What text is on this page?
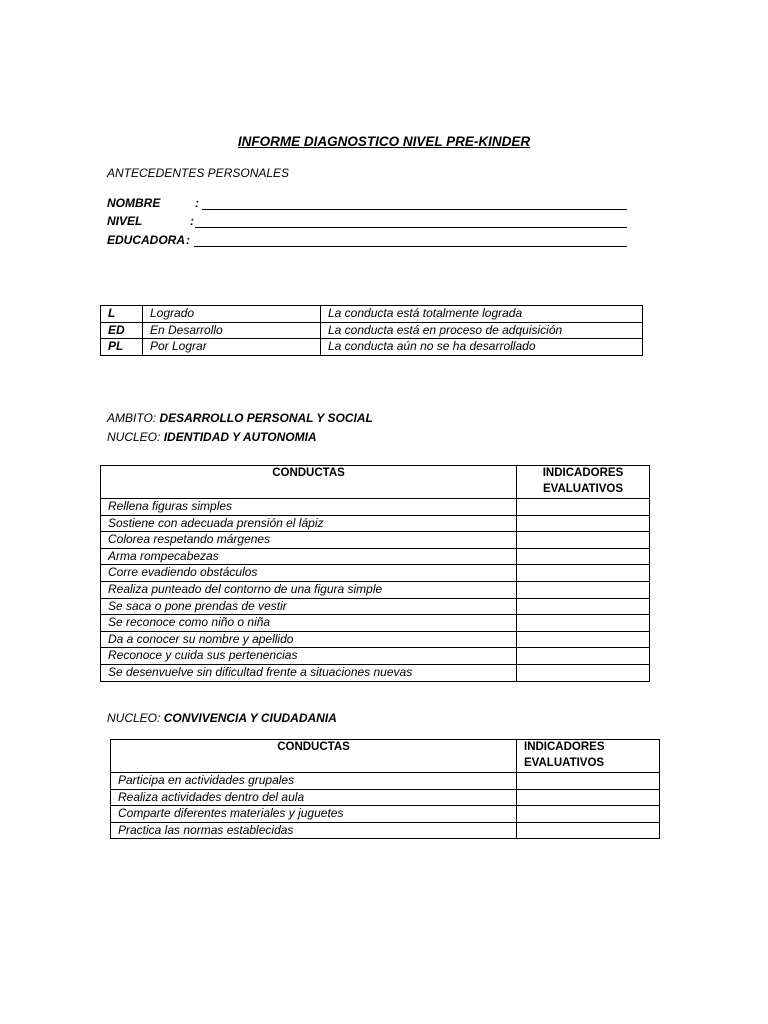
INFORME DIAGNOSTICO NIVEL PRE-KINDER
ANTECEDENTES PERSONALES
NOMBRE	:
NIVEL	:
EDUCADORA :
L	Logrado	La conducta está totalmente lograda
ED	En Desarrollo	La conducta está en proceso de adquisición
PL	Por Lograr	La conducta aún no se ha desarrollado
AMBITO: DESARROLLO PERSONAL Y SOCIAL
NUCLEO: IDENTIDAD Y AUTONOMIA
CONDUCTAS	INDICADORES
EVALUATIVOS

Rellena figuras simples	
Sostiene con adecuada prensión el lápiz	
Colorea respetando márgenes	
Arma rompecabezas	
Corre evadiendo obstáculos	
Realiza punteado del contorno de una figura simple	
Se saca o pone prendas de vestir	
Se reconoce como niño o niña	
Da a conocer su nombre y apellido	
Reconoce y cuida sus pertenencias	
Se desenvuelve sin dificultad frente a situaciones nuevas	
NUCLEO: CONVIVENCIA Y CIUDADANIA
CONDUCTAS	INDICADORES
EVALUATIVOS

Participa en actividades grupales	
Realiza actividades dentro del aula	
Comparte diferentes materiales y juguetes	
Practica las normas establecidas	
